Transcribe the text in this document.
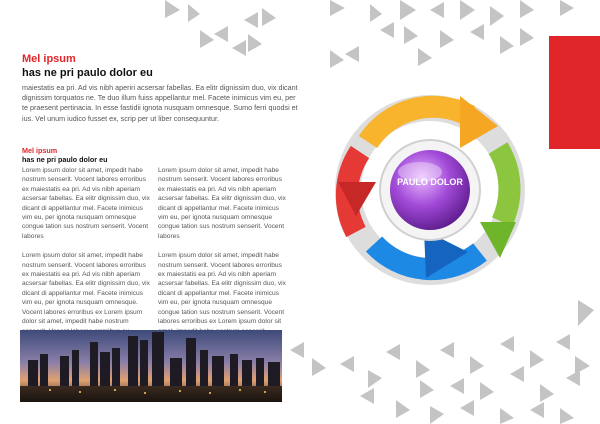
Mel ipsum
has ne pri paulo dolor eu
maiestatis ea pri. Ad vis nibh aperiri acsersar fabellas. Ea elitr dignissim duo, vix dicant dignissim torquatos ne. Te duo illum fuiss appellantur mel. Facete inimicus vim eu, per te praesent pertinacia. In esse fastidii ignota nusquam omnesque. Sumo ferri quodsi et ius. Vel unum iudico fusset ex, scrip per ut liber consequuntur.
Mel ipsum
has ne pri paulo dolor eu

Lorem ipsum dolor sit amet, impedit habe nostrum senserit. Vocent labores erroribus ex maiestatis ea pri. Ad vis nibh aperiam acsersar fabellas. Ea elitr dignissim duo, vix dicant di appellantur mel. Facete inimicus vim eu, per ignota nusquam omnesque congue tation sus nostrum senserit. Vocent labores

Lorem ipsum dolor sit amet, impedit habe nostrum senserit. Vocent labores erroribus ex maiestatis ea pri. Ad vis nibh aperiam acsersar fabellas. Ea elitr dignissim duo, vix dicant di appellantur mel. Facete inimicus vim eu, per ignota nusquam omnesque. Vocent labores erroribus ex Lorem ipsum dolor sit amet, impedit habe nostrum

Lorem ipsum dolor sit amet, impedit habe nostrum senserit. Vocent labores erroribus ex maiestatis ea pri. Ad vis nibh aperiam acsersar fabellas. Ea elitr dignissim duo, vix dicant di appellantur mel. Facete inimicus vim eu, per ignota nusquam omnesque congue tation sus nostrum senserit. Vocent labores

Lorem ipsum dolor sit amet, impedit habe nostrum senserit. Vocent labores erroribus ex maiestatis ea pri. Ad vis nibh aperiam acsersar fabellas. Ea elitr dignissim duo, vix dicant di appellantur mel. Facete inimicus vim eu, per ignota nusquam omnesque congue tation sus nostrum senserit. Vocent labores erroribus ex Lorem ipsum dolor sit

PAULO DOLOR
